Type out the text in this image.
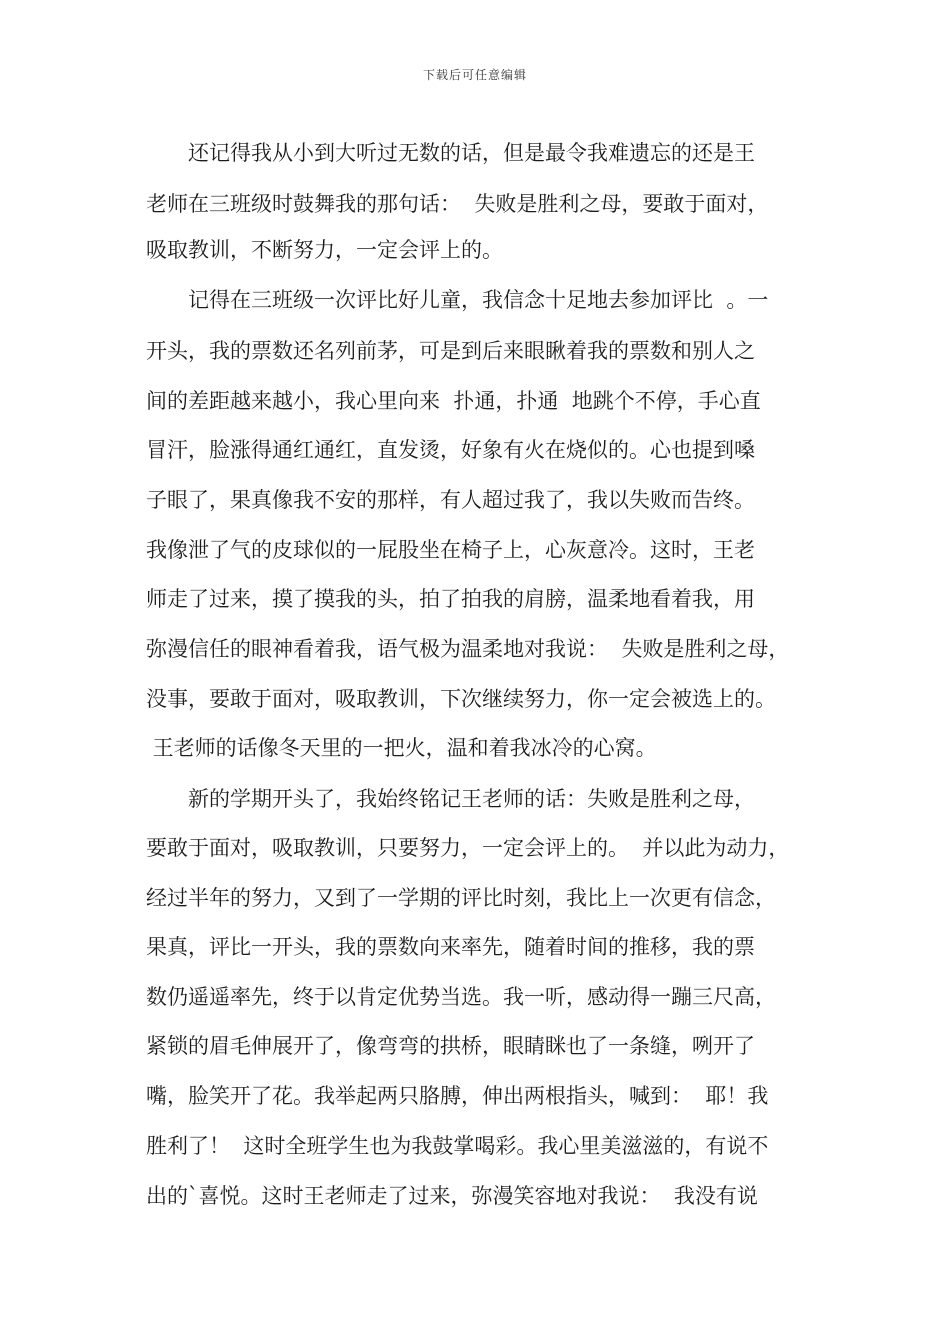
下载后可任意编辑
　　还记得我从小到大听过无数的话，但是最令我难遗忘的还是王
老师在三班级时鼓舞我的那句话：  失败是胜利之母，要敢于面对，
吸取教训，不断努力，一定会评上的。
　　记得在三班级一次评比好儿童，我信念十足地去参加评比  。一
开头，我的票数还名列前茅，可是到后来眼瞅着我的票数和别人之
间的差距越来越小，我心里向来  扑通，扑通  地跳个不停，手心直
冒汗，脸涨得通红通红，直发烫，好象有火在烧似的。心也提到嗓
子眼了，果真像我不安的那样，有人超过我了，我以失败而告终。
我像泄了气的皮球似的一屁股坐在椅子上，心灰意冷。这时，王老
师走了过来，摸了摸我的头，拍了拍我的肩膀，温柔地看着我，用
弥漫信任的眼神看着我，语气极为温柔地对我说：  失败是胜利之母，
没事，要敢于面对，吸取教训，下次继续努力，你一定会被选上的。
王老师的话像冬天里的一把火，温和着我冰冷的心窝。
　　新的学期开头了，我始终铭记王老师的话：失败是胜利之母，
要敢于面对，吸取教训，只要努力，一定会评上的。  并以此为动力，
经过半年的努力，又到了一学期的评比时刻，我比上一次更有信念，
果真，评比一开头，我的票数向来率先，随着时间的推移，我的票
数仍遥遥率先，终于以肯定优势当选。我一听，感动得一蹦三尺高，
紧锁的眉毛伸展开了，像弯弯的拱桥，眼睛眯也了一条缝，咧开了
嘴，脸笑开了花。我举起两只胳膊，伸出两根指头，喊到：  耶！我
胜利了！  这时全班学生也为我鼓掌喝彩。我心里美滋滋的，有说不
出的`喜悦。这时王老师走了过来，弥漫笑容地对我说：  我没有说
